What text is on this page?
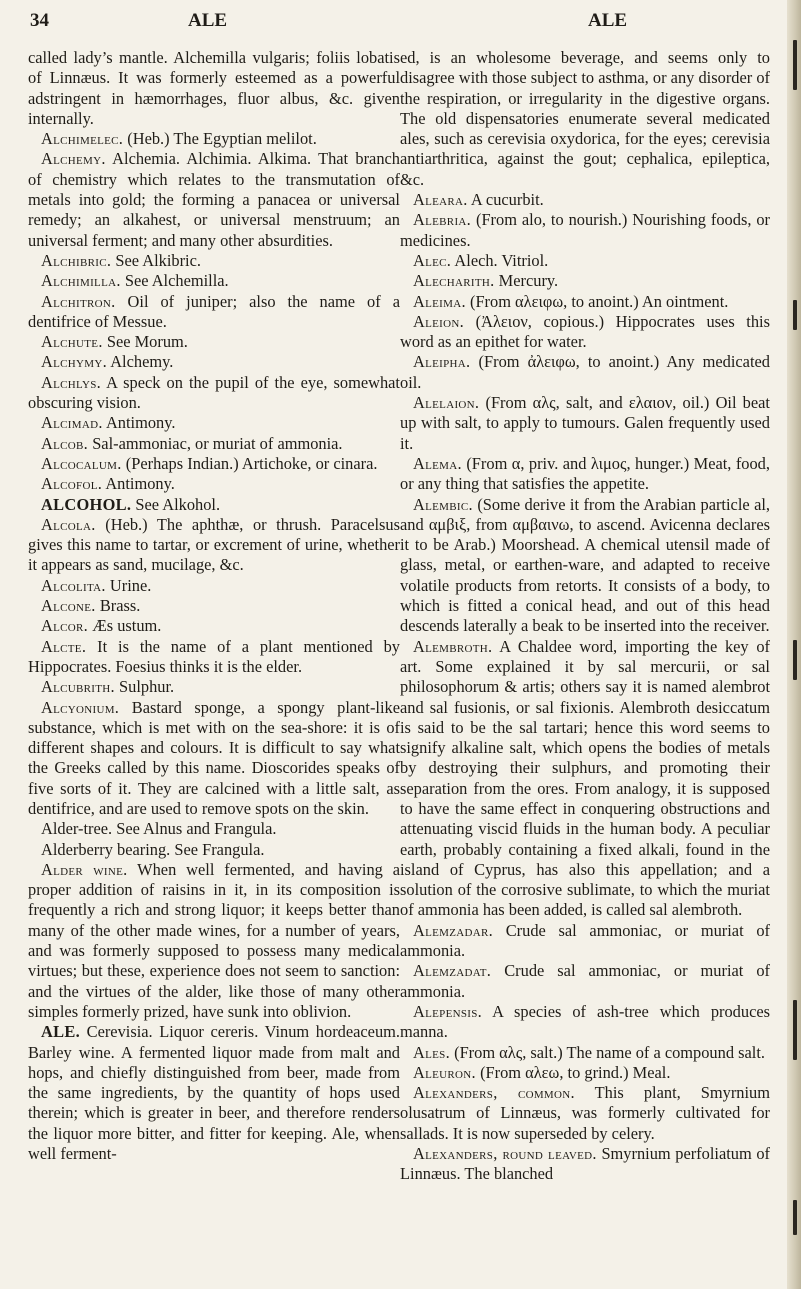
34	ALE	ALE

called lady’s mantle. Alchemilla vulgaris; foliis lobatis of Linnæus. It was formerly esteemed as a powerful adstringent in hæmorrhages, fluor albus, &c. given internally.

Alchimelec. (Heb.) The Egyptian melilot.

Alchemy. Alchemia. Alchimia. Alkima. That branch of chemistry which relates to the transmutation of metals into gold; the forming a panacea or universal remedy; an alkahest, or universal menstruum; an universal ferment; and many other absurdities.

Alchibric. See Alkibric.

Alchimilla. See Alchemilla.

Alchitron. Oil of juniper; also the name of a dentifrice of Messue.

Alchute. See Morum.

Alchymy. Alchemy.

Alchlys. A speck on the pupil of the eye, somewhat obscuring vision.

Alcimad. Antimony.

Alcob. Sal-ammoniac, or muriat of ammonia.

Alcocalum. (Perhaps Indian.) Artichoke, or cinara.

Alcofol. Antimony.

ALCOHOL. See Alkohol.

Alcola. (Heb.) The aphthæ, or thrush. Paracelsus gives this name to tartar, or excrement of urine, whether it appears as sand, mucilage, &c.

Alcolita. Urine.

Alcone. Brass.

Alcor. Æs ustum.

Alcte. It is the name of a plant mentioned by Hippocrates. Foesius thinks it is the elder.

Alcubrith. Sulphur.

Alcyonium. Bastard sponge, a spongy plant-like substance, which is met with on the sea-shore: it is of different shapes and colours. It is difficult to say what the Greeks called by this name. Dioscorides speaks of five sorts of it. They are calcined with a little salt, as dentifrice, and are used to remove spots on the skin.

Alder-tree. See Alnus and Frangula.

Alderberry bearing. See Frangula.

Alder wine. When well fermented, and having a proper addition of raisins in it, in its composition is frequently a rich and strong liquor; it keeps better than many of the other made wines, for a number of years, and was formerly supposed to possess many medical virtues; but these, experience does not seem to sanction: and the virtues of the alder, like those of many other simples formerly prized, have sunk into oblivion.

ALE. Cerevisia. Liquor cereris. Vinum hordeaceum. Barley wine. A fermented liquor made from malt and hops, and chiefly distinguished from beer, made from the same ingredients, by the quantity of hops used therein; which is greater in beer, and therefore renders the liquor more bitter, and fitter for keeping. Ale, when well ferment-

ed, is an wholesome beverage, and seems only to disagree with those subject to asthma, or any disorder of the respiration, or irregularity in the digestive organs. The old dispensatories enumerate several medicated ales, such as cerevisia oxydorica, for the eyes; cerevisia antiarthritica, against the gout; cephalica, epileptica, &c.

Aleara. A cucurbit.

Alebria. (From alo, to nourish.) Nourishing foods, or medicines.

Alec. Alech. Vitriol.

Alecharith. Mercury.

Aleima. (From αλειφω, to anoint.) An ointment.

Aleion. (Ἀλειον, copious.) Hippocrates uses this word as an epithet for water.

Aleipha. (From ἀλειφω, to anoint.) Any medicated oil.

Alelaion. (From αλς, salt, and ελαιον, oil.) Oil beat up with salt, to apply to tumours. Galen frequently used it.

Alema. (From α, priv. and λιμος, hunger.) Meat, food, or any thing that satisfies the appetite.

Alembic. (Some derive it from the Arabian particle al, and αμβιξ, from αμβαινω, to ascend. Avicenna declares it to be Arab.) Moorshead. A chemical utensil made of glass, metal, or earthen-ware, and adapted to receive volatile products from retorts. It consists of a body, to which is fitted a conical head, and out of this head descends laterally a beak to be inserted into the receiver.

Alembroth. A Chaldee word, importing the key of art. Some explained it by sal mercurii, or sal philosophorum & artis; others say it is named alembrot and sal fusionis, or sal fixionis. Alembroth desiccatum is said to be the sal tartari; hence this word seems to signify alkaline salt, which opens the bodies of metals by destroying their sulphurs, and promoting their separation from the ores. From analogy, it is supposed to have the same effect in conquering obstructions and attenuating viscid fluids in the human body. A peculiar earth, probably containing a fixed alkali, found in the island of Cyprus, has also this appellation; and a solution of the corrosive sublimate, to which the muriat of ammonia has been added, is called sal alembroth.

Alemzadar. Crude sal ammoniac, or muriat of ammonia.

Alemzadat. Crude sal ammoniac, or muriat of ammonia.

Alepensis. A species of ash-tree which produces manna.

Ales. (From αλς, salt.) The name of a compound salt.

Aleuron. (From αλεω, to grind.) Meal.

Alexanders, common. This plant, Smyrnium olusatrum of Linnæus, was formerly cultivated for sallads. It is now superseded by celery.

Alexanders, round leaved. Smyrnium perfoliatum of Linnæus. The blanched
